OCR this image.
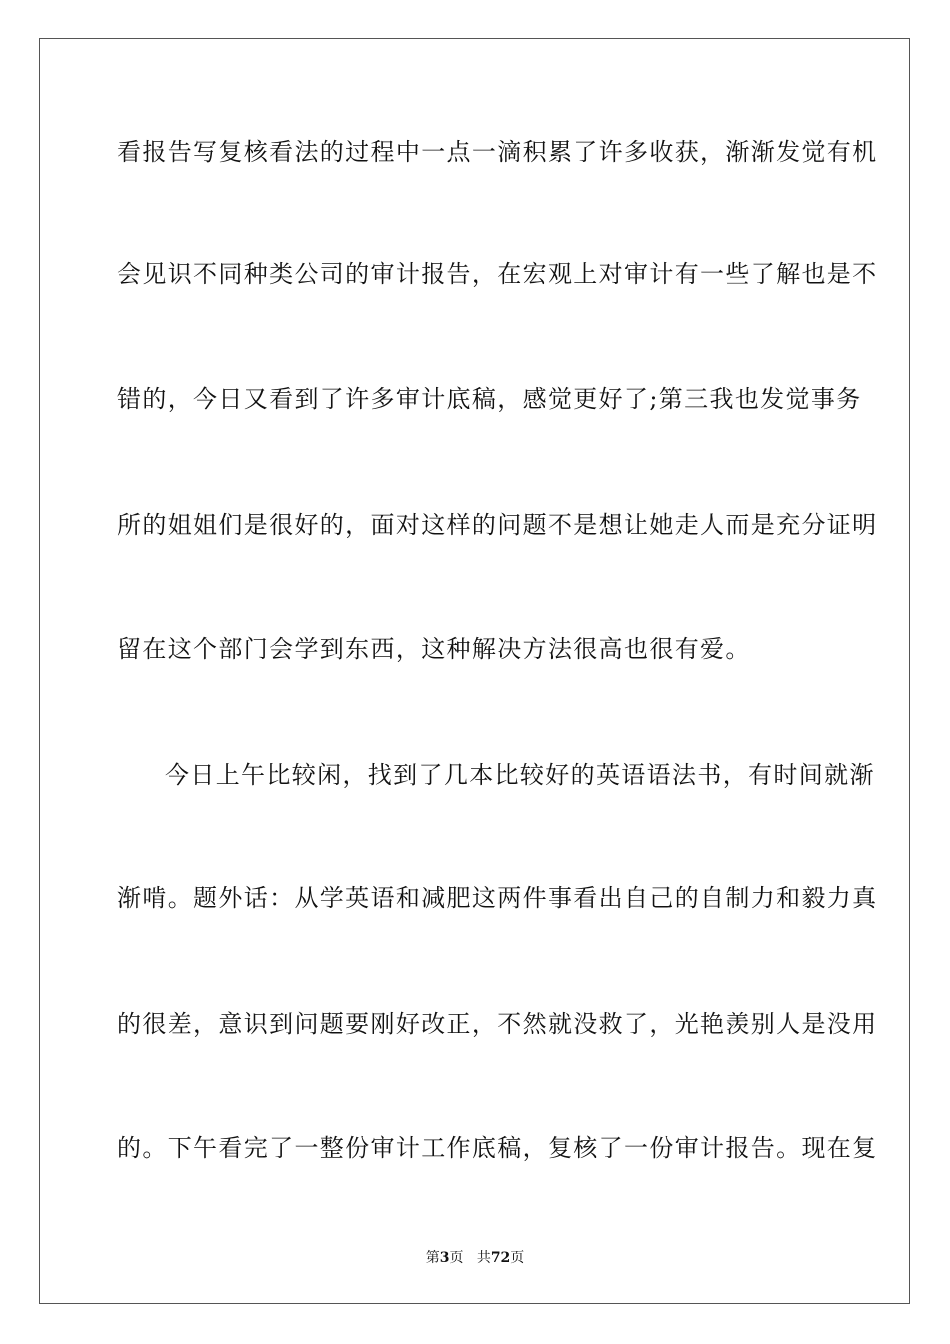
看报告写复核看法的过程中一点一滴积累了许多收获，渐渐发觉有机
会见识不同种类公司的审计报告，在宏观上对审计有一些了解也是不
错的，今日又看到了许多审计底稿，感觉更好了;第三我也发觉事务
所的姐姐们是很好的，面对这样的问题不是想让她走人而是充分证明
留在这个部门会学到东西，这种解决方法很高也很有爱。
今日上午比较闲，找到了几本比较好的英语语法书，有时间就渐
渐啃。题外话：从学英语和减肥这两件事看出自己的自制力和毅力真
的很差，意识到问题要刚好改正，不然就没救了，光艳羡别人是没用
的。下午看完了一整份审计工作底稿，复核了一份审计报告。现在复
第3页 共72页
